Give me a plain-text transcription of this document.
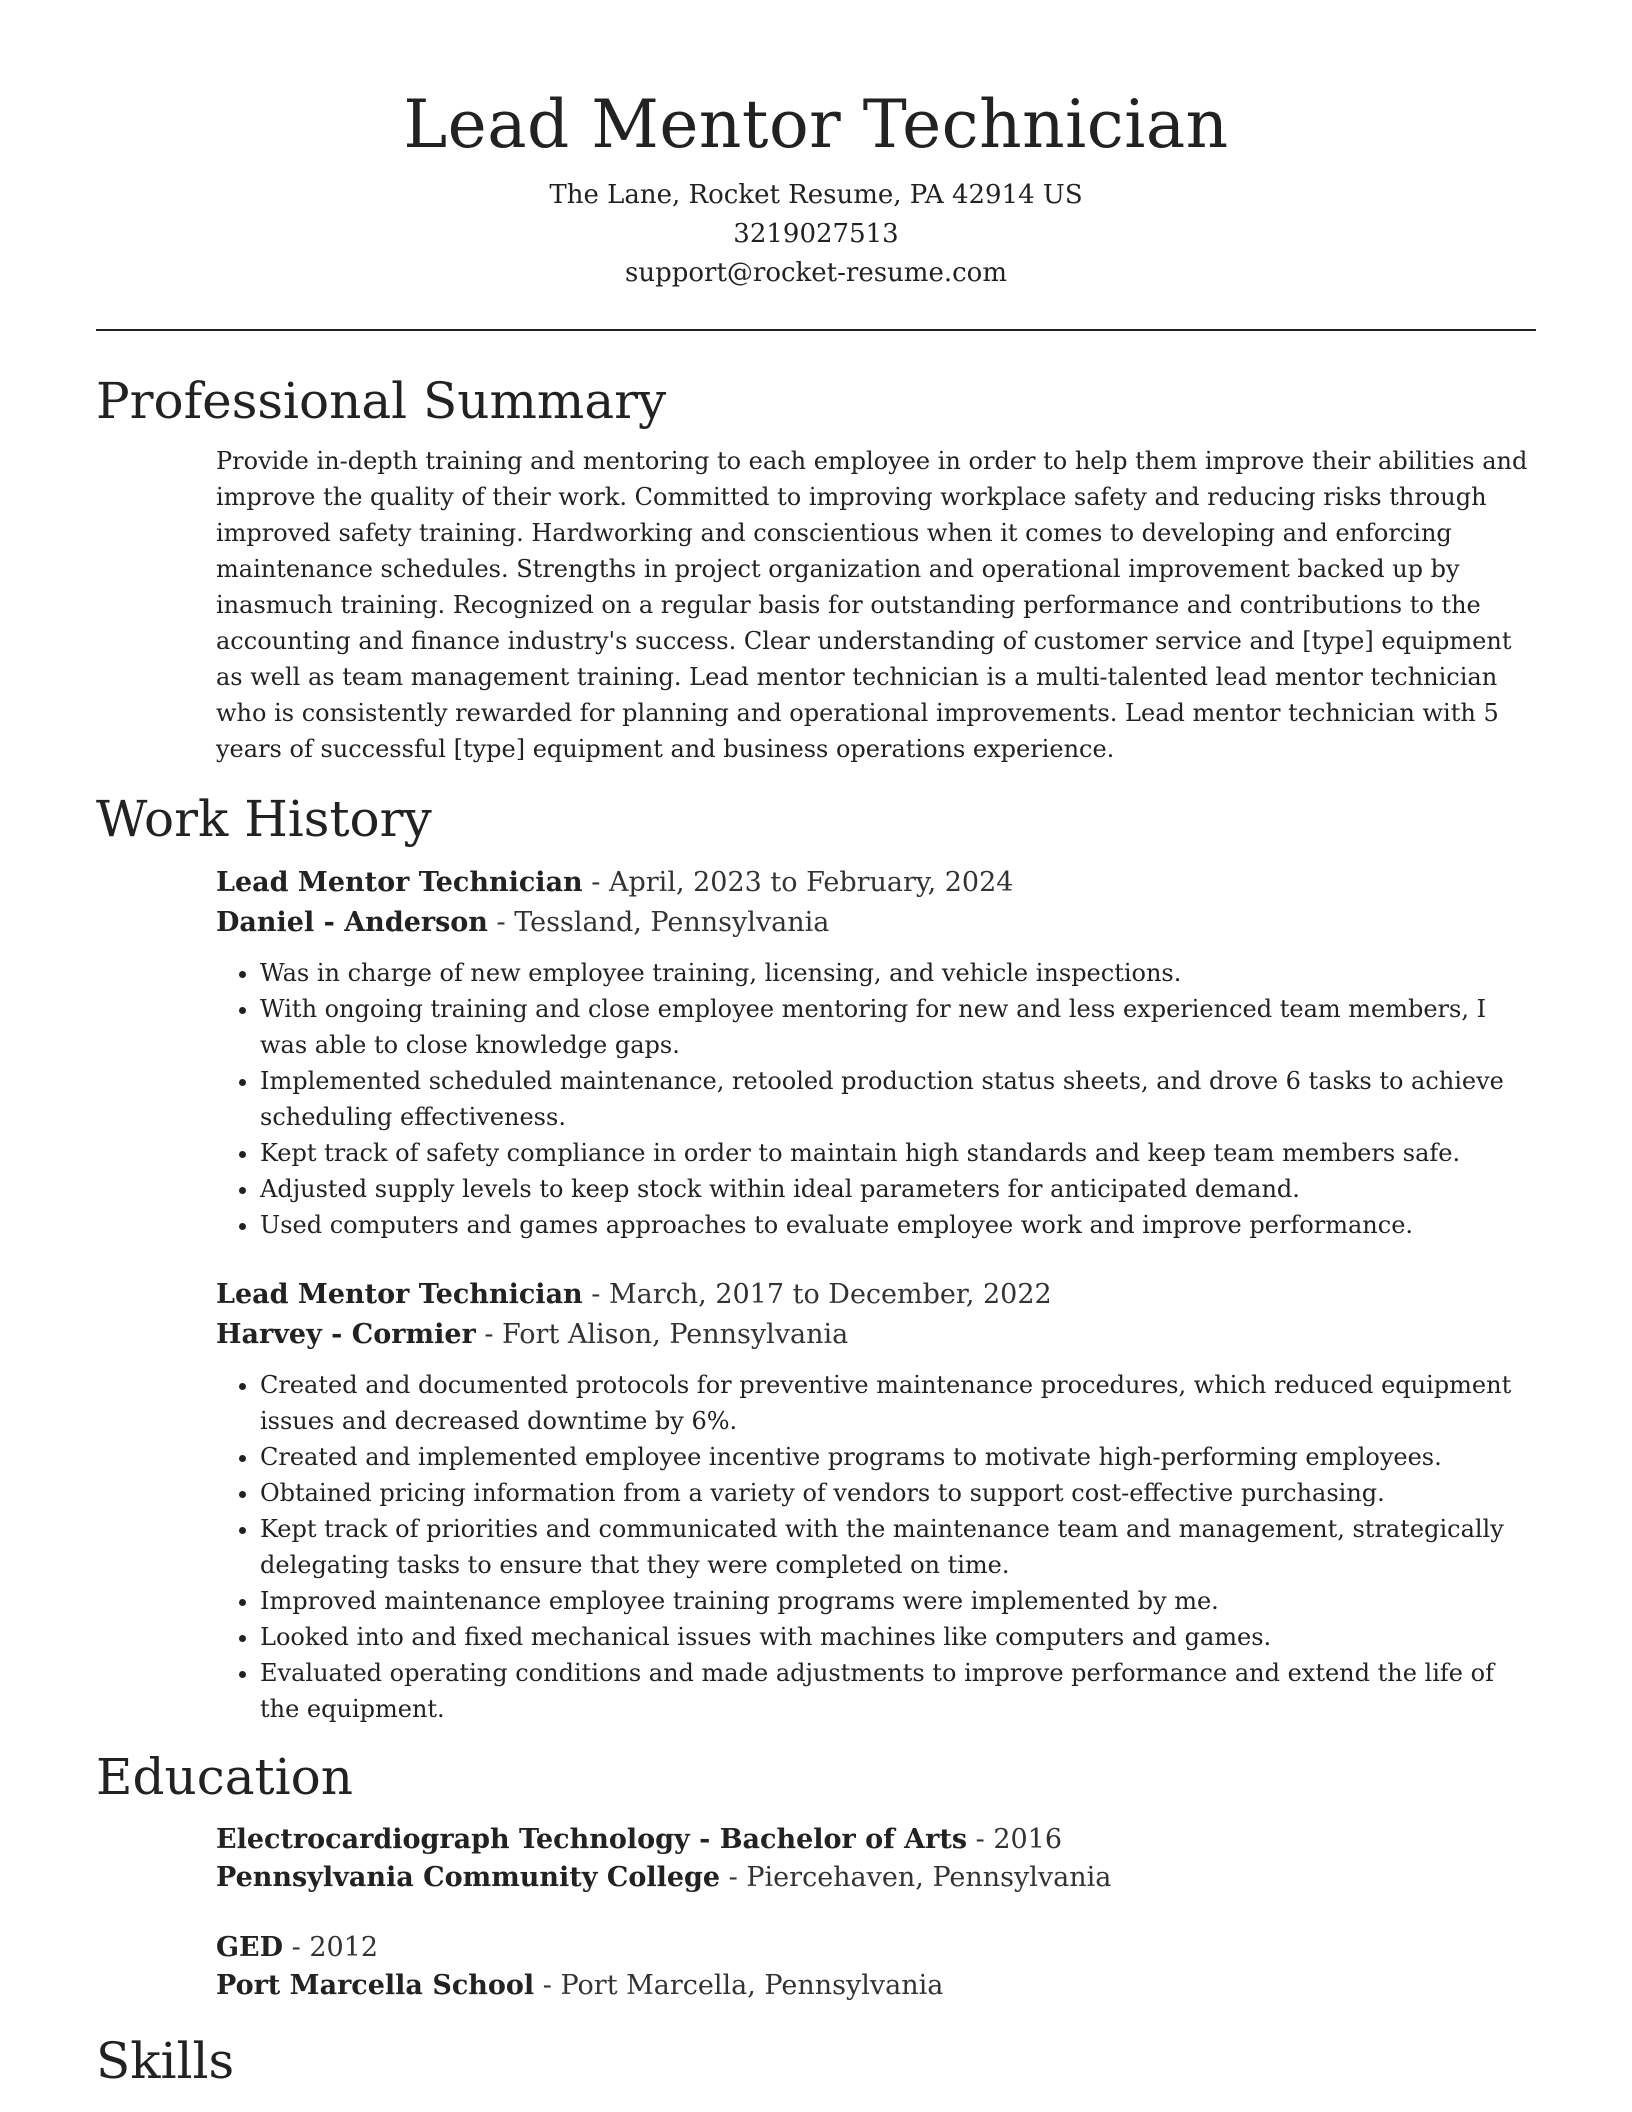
Lead Mentor Technician
The Lane, Rocket Resume, PA 42914 US
3219027513
support@rocket-resume.com
Professional Summary

Provide in-depth training and mentoring to each employee in order to help them improve their abilities and improve the quality of their work. Committed to improving workplace safety and reducing risks through improved safety training. Hardworking and conscientious when it comes to developing and enforcing maintenance schedules. Strengths in project organization and operational improvement backed up by inasmuch training. Recognized on a regular basis for outstanding performance and contributions to the accounting and finance industry's success. Clear understanding of customer service and [type] equipment as well as team management training. Lead mentor technician is a multi-talented lead mentor technician who is consistently rewarded for planning and operational improvements. Lead mentor technician with 5 years of successful [type] equipment and business operations experience.

Work History
Lead Mentor Technician - April, 2023 to February, 2024
Daniel - Anderson - Tessland, Pennsylvania
• Was in charge of new employee training, licensing, and vehicle inspections.
• With ongoing training and close employee mentoring for new and less experienced team members, I was able to close knowledge gaps.
• Implemented scheduled maintenance, retooled production status sheets, and drove 6 tasks to achieve scheduling effectiveness.
• Kept track of safety compliance in order to maintain high standards and keep team members safe.
• Adjusted supply levels to keep stock within ideal parameters for anticipated demand.
• Used computers and games approaches to evaluate employee work and improve performance.
Lead Mentor Technician - March, 2017 to December, 2022
Harvey - Cormier - Fort Alison, Pennsylvania
• Created and documented protocols for preventive maintenance procedures, which reduced equipment issues and decreased downtime by 6%.
• Created and implemented employee incentive programs to motivate high-performing employees.
• Obtained pricing information from a variety of vendors to support cost-effective purchasing.
• Kept track of priorities and communicated with the maintenance team and management, strategically delegating tasks to ensure that they were completed on time.
• Improved maintenance employee training programs were implemented by me.
• Looked into and fixed mechanical issues with machines like computers and games.
• Evaluated operating conditions and made adjustments to improve performance and extend the life of the equipment.
Education
Electrocardiograph Technology - Bachelor of Arts - 2016
Pennsylvania Community College - Piercehaven, Pennsylvania
GED - 2012
Port Marcella School - Port Marcella, Pennsylvania
Skills
